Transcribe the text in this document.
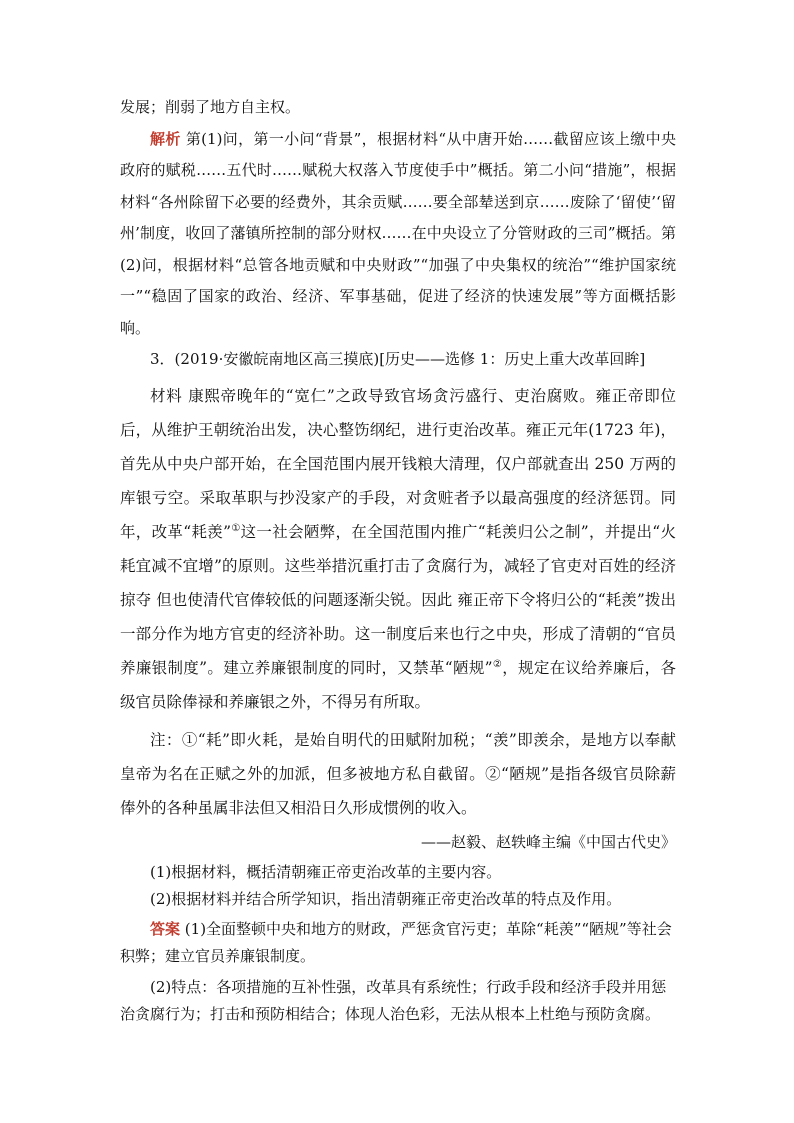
发展；削弱了地方自主权。

解析 第(1)问，第一小问“背景”，根据材料“从中唐开始……截留应该上缴中央政府的赋税……五代时……赋税大权落入节度使手中”概括。第二小问“措施”，根据材料“各州除留下必要的经费外，其余贡赋……要全部辇送到京……废除了‘留使’‘留州’制度，收回了藩镇所控制的部分财权……在中央设立了分管财政的三司”概括。第(2)问，根据材料“总管各地贡赋和中央财政”“加强了中央集权的统治”“维护国家统一”“稳固了国家的政治、经济、军事基础，促进了经济的快速发展”等方面概括影响。

3．(2019·安徽皖南地区高三摸底)[历史——选修 1：历史上重大改革回眸]

材料 康熙帝晚年的“宽仁”之政导致官场贪污盛行、吏治腐败。雍正帝即位后，从维护王朝统治出发，决心整饬纲纪，进行吏治改革。雍正元年(1723 年)，首先从中央户部开始，在全国范围内展开钱粮大清理，仅户部就查出 250 万两的库银亏空。采取革职与抄没家产的手段，对贪赃者予以最高强度的经济惩罚。同年，改革“耗羡”①这一社会陋弊，在全国范围内推广“耗羡归公之制”，并提出“火耗宜减不宜增”的原则。这些举措沉重打击了贪腐行为，减轻了官吏对百姓的经济掠夺 但也使清代官俸较低的问题逐渐尖锐。因此 雍正帝下令将归公的“耗羡”拨出一部分作为地方官吏的经济补助。这一制度后来也行之中央，形成了清朝的“官员养廉银制度”。建立养廉银制度的同时，又禁革“陋规”②，规定在议给养廉后，各级官员除俸禄和养廉银之外，不得另有所取。

注：①“耗”即火耗，是始自明代的田赋附加税；“羡”即羡余，是地方以奉献皇帝为名在正赋之外的加派，但多被地方私自截留。②“陋规”是指各级官员除薪俸外的各种虽属非法但又相沿日久形成惯例的收入。

——赵毅、赵轶峰主编《中国古代史》

(1)根据材料，概括清朝雍正帝吏治改革的主要内容。

(2)根据材料并结合所学知识，指出清朝雍正帝吏治改革的特点及作用。

答案 (1)全面整顿中央和地方的财政，严惩贪官污吏；革除“耗羡”“陋规”等社会积弊；建立官员养廉银制度。

(2)特点：各项措施的互补性强，改革具有系统性；行政手段和经济手段并用惩治贪腐行为；打击和预防相结合；体现人治色彩，无法从根本上杜绝与预防贪腐。
